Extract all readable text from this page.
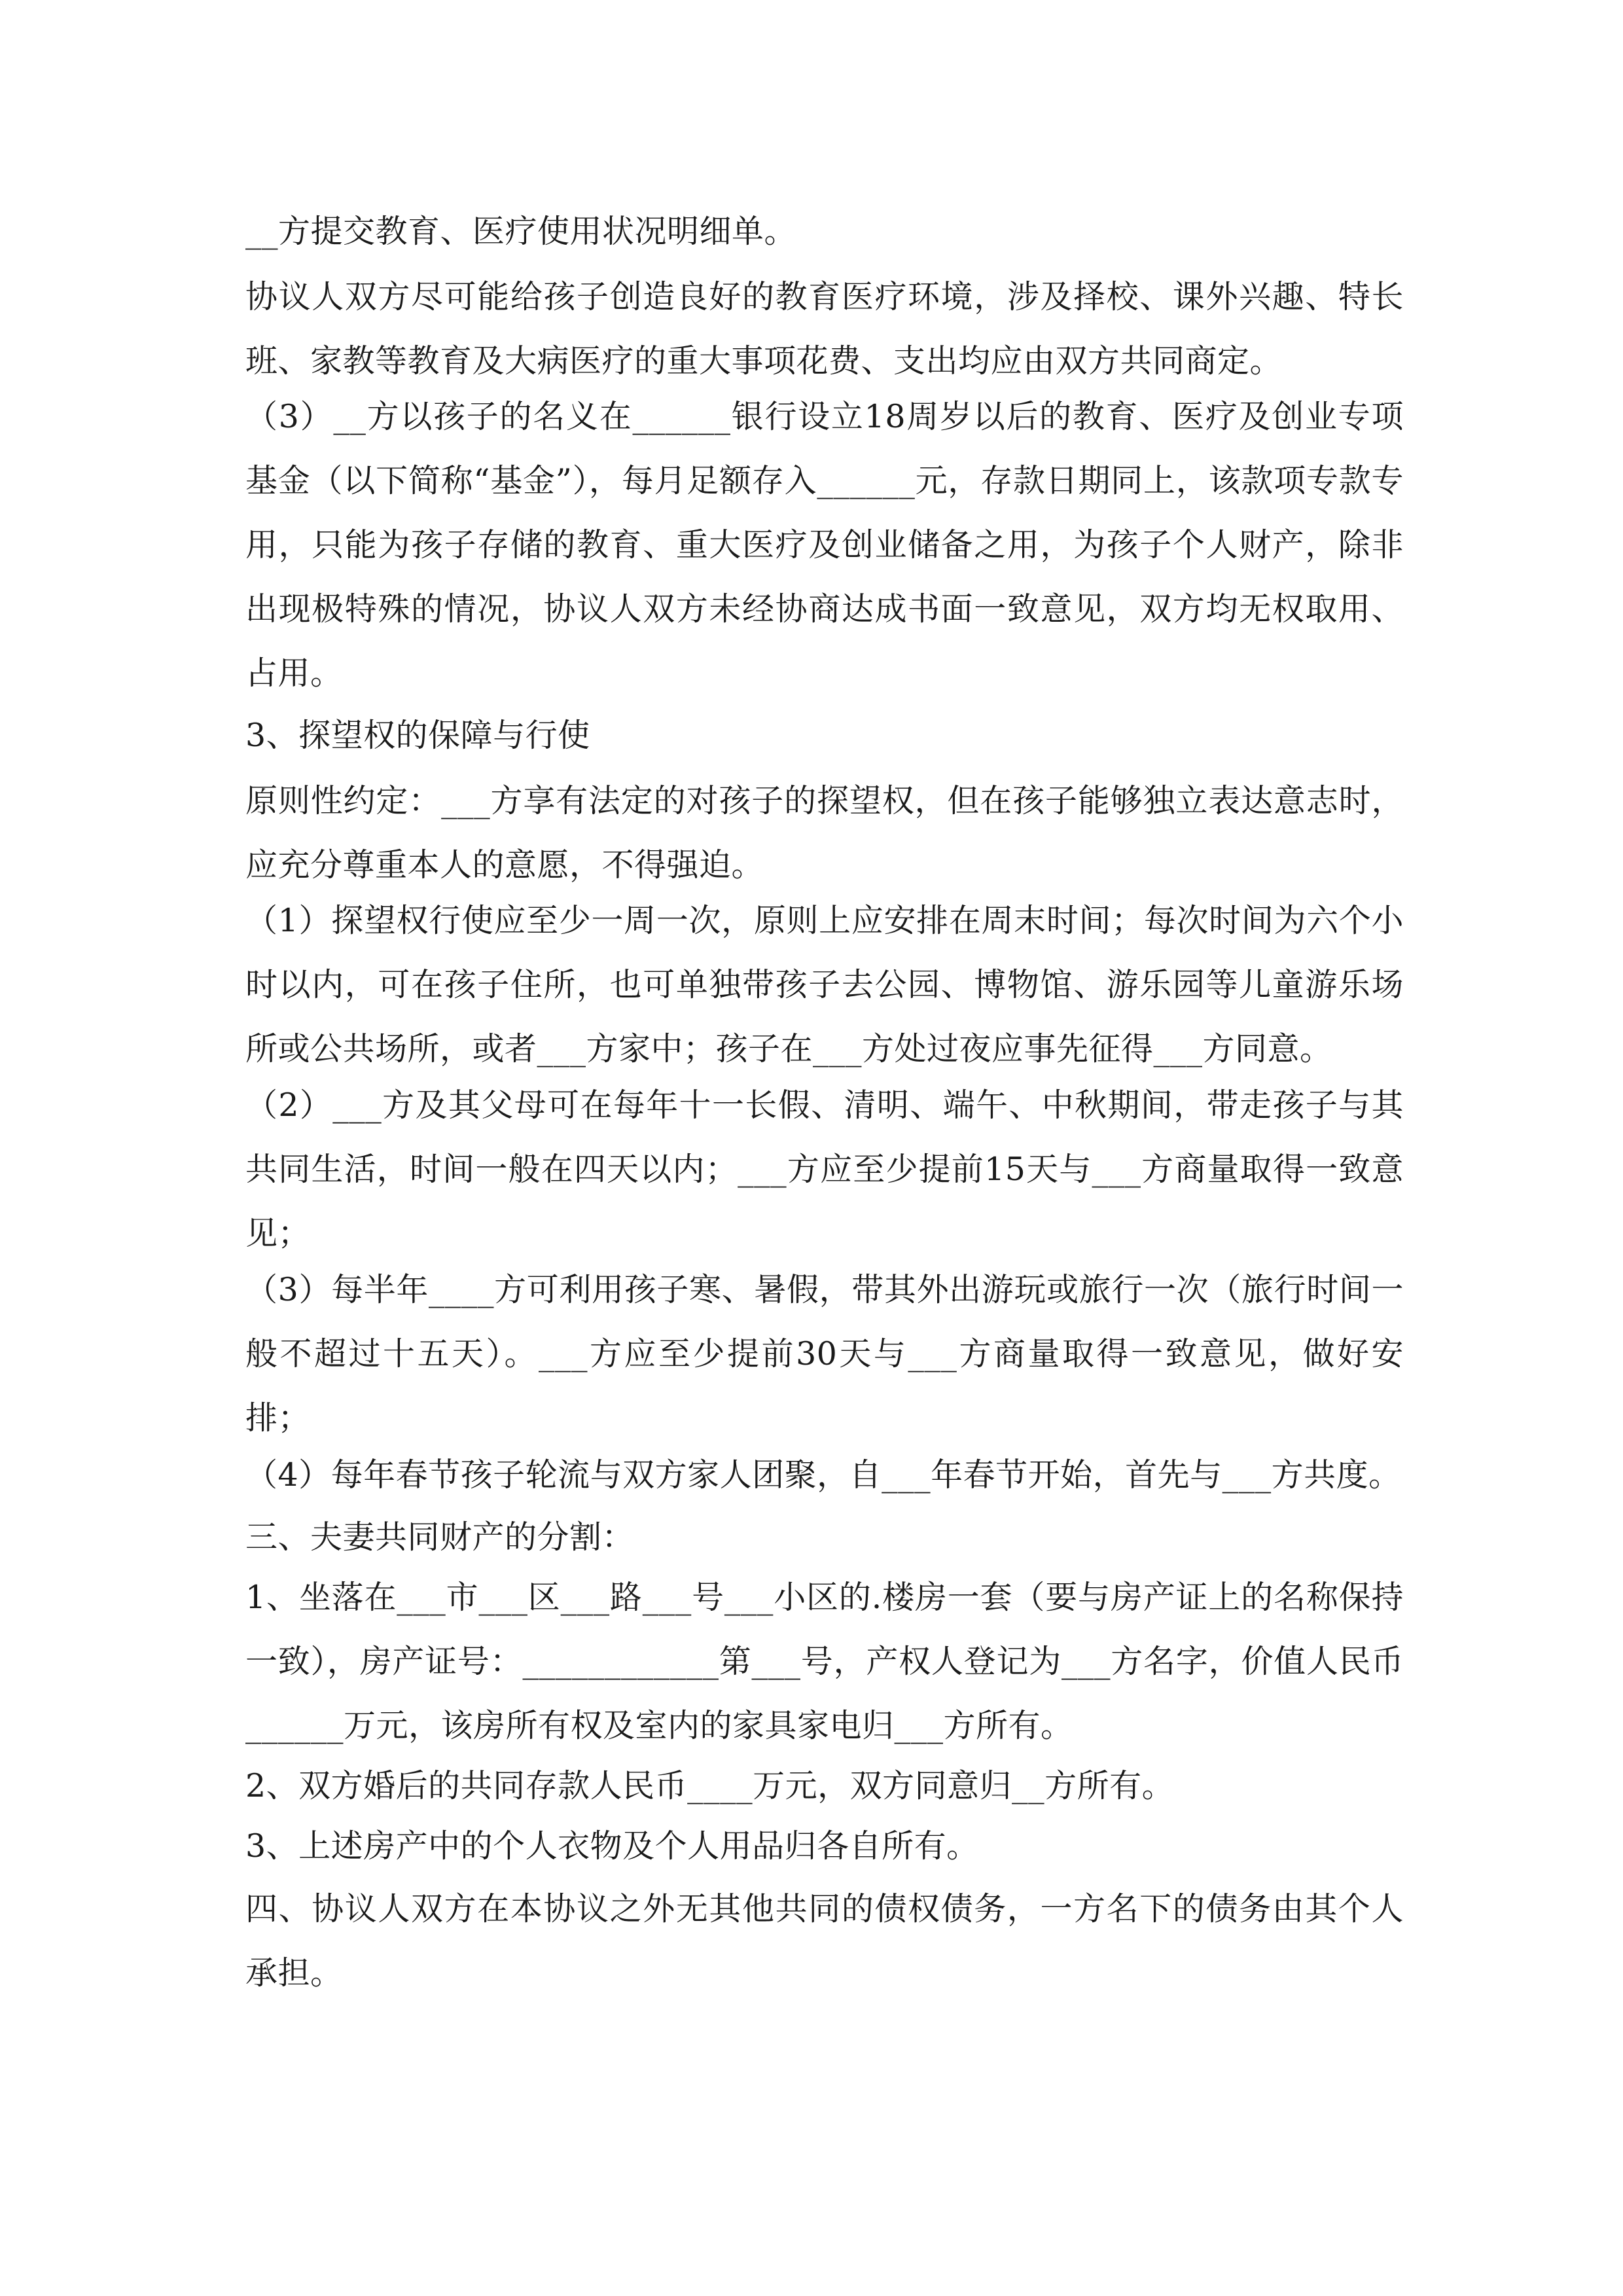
__方提交教育、医疗使用状况明细单。

协议人双方尽可能给孩子创造良好的教育医疗环境，涉及择校、课外兴趣、特长班、家教等教育及大病医疗的重大事项花费、支出均应由双方共同商定。

（3）__方以孩子的名义在______银行设立18周岁以后的教育、医疗及创业专项基金（以下简称“基金”），每月足额存入______元，存款日期同上，该款项专款专用，只能为孩子存储的教育、重大医疗及创业储备之用，为孩子个人财产，除非出现极特殊的情况，协议人双方未经协商达成书面一致意见，双方均无权取用、占用。

3、探望权的保障与行使

原则性约定：___方享有法定的对孩子的探望权，但在孩子能够独立表达意志时，应充分尊重本人的意愿，不得强迫。

（1）探望权行使应至少一周一次，原则上应安排在周末时间；每次时间为六个小时以内，可在孩子住所，也可单独带孩子去公园、博物馆、游乐园等儿童游乐场所或公共场所，或者___方家中；孩子在___方处过夜应事先征得___方同意。

（2）___方及其父母可在每年十一长假、清明、端午、中秋期间，带走孩子与其共同生活，时间一般在四天以内；___方应至少提前15天与___方商量取得一致意见；

（3）每半年____方可利用孩子寒、暑假，带其外出游玩或旅行一次（旅行时间一般不超过十五天）。___方应至少提前30天与___方商量取得一致意见，做好安排；

（4）每年春节孩子轮流与双方家人团聚，自___年春节开始，首先与___方共度。

三、夫妻共同财产的分割：

1、坐落在___市___区___路___号___小区的.楼房一套（要与房产证上的名称保持一致），房产证号：____________第___号，产权人登记为___方名字，价值人民币______万元，该房所有权及室内的家具家电归___方所有。

2、双方婚后的共同存款人民币____万元，双方同意归__方所有。

3、上述房产中的个人衣物及个人用品归各自所有。

四、协议人双方在本协议之外无其他共同的债权债务，一方名下的债务由其个人承担。
